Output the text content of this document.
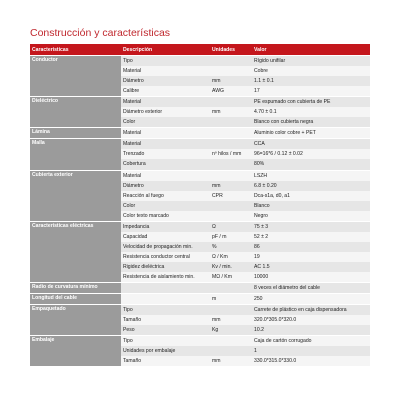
Construcción y características
Caracteristicas	Descripción	Unidades	Valor
Conductor	Tipo		Rígido unifilar
	Material		Cobre
	Diámetro	mm	1.1 ± 0.1
	Calibre	AWG	17
Dieléctrico	Material		PE espumado con cubierta de PE
	Diámetro exterior	mm	4.70 ± 0.1
	Color		Blanco con cubierta negra
Lámina	Material		Aluminio color cobre + PET
Malla	Material		CCA
	Trenzado	nº hilos / mm	96=16*6 / 0.12 ± 0.02
	Cobertura		80%
Cubierta exterior	Material		LSZH
	Diámetro	mm	6.8 ± 0.20
	Reacción al fuego	CPR	Dca-s1a, d0, a1
	Color		Blanco
	Color texto marcado		Negro
Características eléctricas	Impedancia	Ω	75 ± 3
	Capacidad	pF / m	52 ± 2
	Velocidad de propagación min.	%	86
	Resistencia conductor central	Ω / Km	19
	Rigidez dieléctrica	Kv / min.	AC 1.5
	Resistencia de aislamiento min.	MΩ / Km	10000
Radio de curvatura mínimo			8 veces el diámetro del cable
Longitud del cable		m	250
Empaquetado	Tipo		Carrete de plástico en caja dispensadora
	Tamaño	mm	320.0*305.0*320.0
	Peso	Kg	10.2
Embalaje	Tipo		Caja de cartón corrugado
	Unidades por embalaje		1
	Tamaño	mm	330.0*315.0*330.0
